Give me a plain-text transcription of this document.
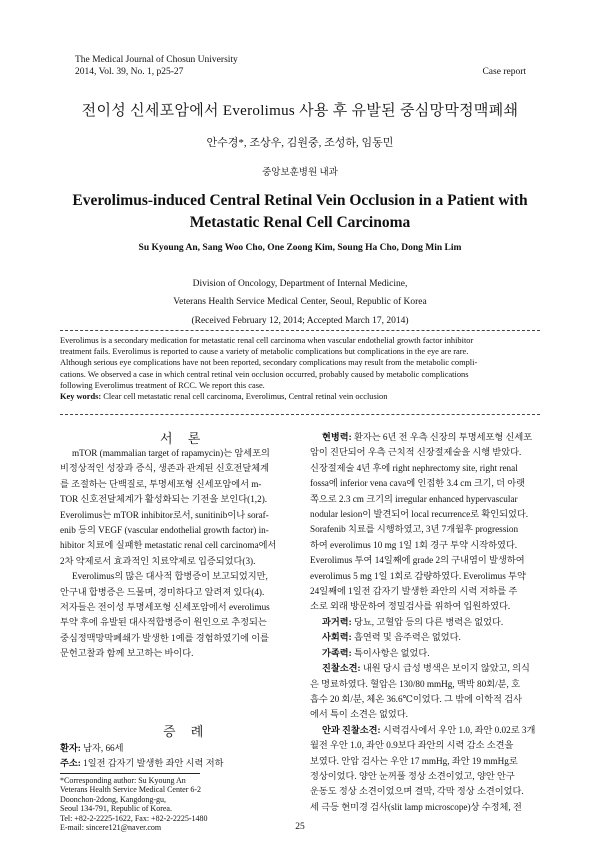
The Medical Journal of Chosun University
2014, Vol. 39, No. 1, p25-27	Case report
전이성 신세포암에서 Everolimus 사용 후 유발된 중심망막정맥폐쇄
안수경*, 조상우, 김원중, 조성하, 임동민
중앙보훈병원 내과
Everolimus-induced Central Retinal Vein Occlusion in a Patient with
Metastatic Renal Cell Carcinoma
Su Kyoung An, Sang Woo Cho, One Zoong Kim, Soung Ha Cho, Dong Min Lim
Division of Oncology, Department of Internal Medicine,
Veterans Health Service Medical Center, Seoul, Republic of Korea
(Received February 12, 2014; Accepted March 17, 2014)
Everolimus is a secondary medication for metastatic renal cell carcinoma when vascular endothelial growth factor inhibitor
treatment fails. Everolimus is reported to cause a variety of metabolic complications but complications in the eye are rare.
Although serious eye complications have not been reported, secondary complications may result from the metabolic compli-
cations. We observed a case in which central retinal vein occlusion occurred, probably caused by metabolic complications
following Everolimus treatment of RCC. We report this case.
Key words: Clear cell metastatic renal cell carcinoma, Everolimus, Central retinal vein occlusion
서 론
mTOR (mammalian target of rapamycin)는 암세포의
비정상적인 성장과 증식, 생존과 관계된 신호전달체계
를 조절하는 단백질로, 투명세포형 신세포암에서 m-
TOR 신호전달체계가 활성화되는 기전을 보인다(1,2).
Everolimus는 mTOR inhibitor로서, sunitinib이나 soraf-
enib 등의 VEGF (vascular endothelial growth factor) in-
hibitor 치료에 실패한 metastatic renal cell carcinoma에서
2차 약제로서 효과적인 치료약제로 입증되었다(3).
Everolimus의 많은 대사적 합병증이 보고되었지만,
안구내 합병증은 드물며, 경미하다고 알려져 있다(4).
저자들은 전이성 투명세포형 신세포암에서 everolimus
투약 후에 유발된 대사적합병증이 원인으로 추정되는
중심정맥망막폐쇄가 발생한 1예를 경험하였기에 이를
문헌고찰과 함께 보고하는 바이다.
증 례
환자: 남자, 66세
주소: 1일전 갑자기 발생한 좌안 시력 저하
*Corresponding author: Su Kyoung An
Veterans Health Service Medical Center 6-2
Doonchon-2dong, Kangdong-gu,
Seoul 134-791, Republic of Korea.
Tel: +82-2-2225-1622, Fax: +82-2-2225-1480
E-mail: sincere121@naver.com
현병력: 환자는 6년 전 우측 신장의 투명세포형 신세포
암이 진단되어 우측 근치적 신장절제술을 시행 받았다.
신장절제술 4년 후에 right nephrectomy site, right renal
fossa에 inferior vena cava에 인접한 3.4 cm 크기, 더 아랫
쪽으로 2.3 cm 크기의 irregular enhanced hypervascular
nodular lesion이 발견되어 local recurrence로 확인되었다.
Sorafenib 치료를 시행하였고, 3년 7개월후 progression
하여 everolimus 10 mg 1일 1회 경구 투약 시작하였다.
Everolimus 투여 14일째에 grade 2의 구내염이 발생하여
everolimus 5 mg 1일 1회로 감량하였다. Everolimus 투약
24일째에 1일전 갑자기 발생한 좌안의 시력 저하를 주
소로 외래 방문하여 정밀검사를 위하여 입원하였다.
과거력: 당뇨, 고혈압 등의 다른 병력은 없었다.
사회력: 흡연력 및 음주력은 없었다.
가족력: 특이사항은 없었다.
진찰소견: 내원 당시 급성 병색은 보이지 않았고, 의식
은 명료하였다. 혈압은 130/80 mmHg, 맥박 80회/분, 호
흡수 20 회/분, 체온 36.6℃이었다. 그 밖에 이학적 검사
에서 특이 소견은 없었다.
안과 진찰소견: 시력검사에서 우안 1.0, 좌안 0.02로 3개
월전 우안 1.0, 좌안 0.9보다 좌안의 시력 감소 소견을
보였다. 안압 검사는 우안 17 mmHg, 좌안 19 mmHg로
정상이었다. 양안 눈꺼풀 정상 소견이었고, 양안 안구
운동도 정상 소견이었으며 결막, 각막 정상 소견이었다.
세 극등 현미경 검사(slit lamp microscope)상 수정체, 전
25
